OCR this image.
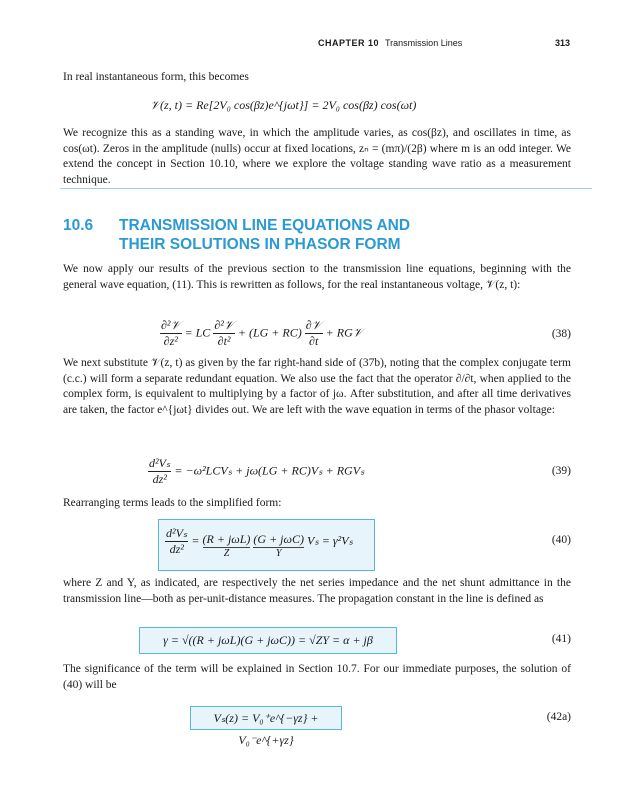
CHAPTER 10 Transmission Lines	313
In real instantaneous form, this becomes
𝒱(z, t) = Re[2V₀ cos(βz)e^{jωt}] = 2V₀ cos(βz) cos(ωt)
We recognize this as a standing wave, in which the amplitude varies, as cos(βz), and oscillates in time, as cos(ωt). Zeros in the amplitude (nulls) occur at fixed locations, zₙ = (mπ)/(2β) where m is an odd integer. We extend the concept in Section 10.10, where we explore the voltage standing wave ratio as a measurement technique.
10.6 TRANSMISSION LINE EQUATIONS AND
THEIR SOLUTIONS IN PHASOR FORM
We now apply our results of the previous section to the transmission line equations, beginning with the general wave equation, (11). This is rewritten as follows, for the real instantaneous voltage, 𝒱(z, t):
$\frac{\text{∂²𝒱}}{\text{∂z²}}$ = LC $\frac{\text{∂²𝒱}}{\text{∂t²}} + (LG + RC) \frac{\text{∂𝒱}}{\partial t}$ + RG𝒱	(38)
We next substitute 𝒱(z, t) as given by the far right-hand side of (37b), noting that the complex conjugate term (c.c.) will form a separate redundant equation. We also use the fact that the operator ∂/∂t, when applied to the complex form, is equivalent to multiplying by a factor of jω. After substitution, and after all time derivatives are taken, the factor e^{jωt} divides out. We are left with the wave equation in terms of the phasor voltage:
$\frac{\text{d²Vₛ}}{\text{dz²}} = -\omega^2LCV_s + j\omega(LG + RC)V_s + RGV_s$	(39)
Rearranging terms leads to the simplified form:
$\frac{\text{d²Vₛ}}{\text{dz²}} = (R + j\omega L)$
Z

(G + jωC)
Y
Vₛ = γ²Vₛ	(40)
where Z and Y, as indicated, are respectively the net series impedance and the net shunt admittance in the transmission line—both as per-unit-distance measures. The propagation constant in the line is defined as
γ = √((R + jωL)(G + jωC)) = √ZY = α + jβ	(41)
The significance of the term will be explained in Section 10.7. For our immediate purposes, the solution of (40) will be
Vₛ(z) = V₀⁺e^{−γz} + V₀⁻e^{+γz}
(42a)
